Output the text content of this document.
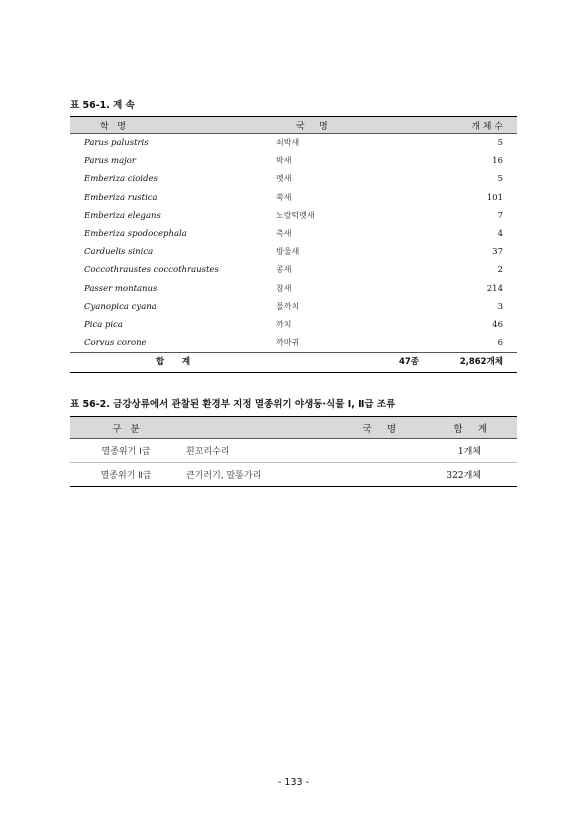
표 56-1. 계 속
학   명	국     명	개 체 수
Parus palustris	쇠박새	5
Parus major	박새	16
Emberiza cioides	멧새	5
Emberiza rustica	쑥새	101
Emberiza elegans	노랑턱멧새	7
Emberiza spodocephala	촉새	4
Carduelis sinica	방울새	37
Coccothraustes coccothraustes	콩새	2
Passer montanus	참새	214
Cyanopica cyana	물까치	3
Pica pica	까치	46
Corvus corone	까마귀	6
합      계	47종	2,862개체
표 56-2. 금강상류에서 관찰된 환경부 지정 멸종위기 야생동·식물 Ⅰ, Ⅱ급 조류
구   분	국     명	합     계
멸종위기 Ⅰ급	흰꼬리수리	1개체
멸종위기 Ⅱ급	큰기러기, 말똥가리	322개체
- 133 -
